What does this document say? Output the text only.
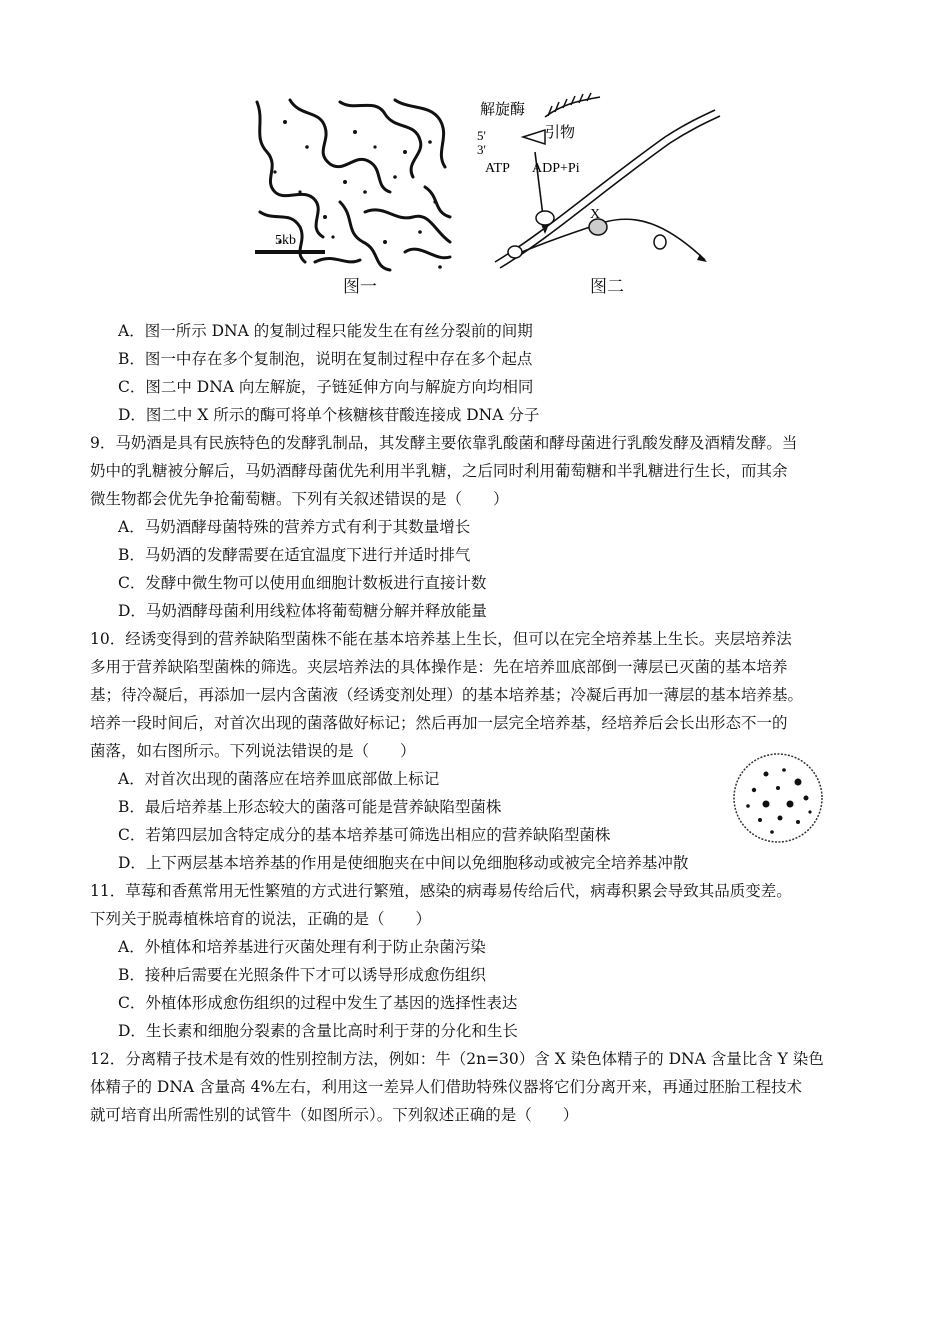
5kb
解旋酶
引物
5'
3'
ATP ADP+Pi
X
图一	图二
A．图一所示 DNA 的复制过程只能发生在有丝分裂前的间期
B．图一中存在多个复制泡，说明在复制过程中存在多个起点
C．图二中 DNA 向左解旋，子链延伸方向与解旋方向均相同
D．图二中 X 所示的酶可将单个核糖核苷酸连接成 DNA 分子
9．马奶酒是具有民族特色的发酵乳制品，其发酵主要依靠乳酸菌和酵母菌进行乳酸发酵及酒精发酵。当
奶中的乳糖被分解后，马奶酒酵母菌优先利用半乳糖，之后同时利用葡萄糖和半乳糖进行生长，而其余
微生物都会优先争抢葡萄糖。下列有关叙述错误的是（　　）
A．马奶酒酵母菌特殊的营养方式有利于其数量增长
B．马奶酒的发酵需要在适宜温度下进行并适时排气
C．发酵中微生物可以使用血细胞计数板进行直接计数
D．马奶酒酵母菌利用线粒体将葡萄糖分解并释放能量
10．经诱变得到的营养缺陷型菌株不能在基本培养基上生长，但可以在完全培养基上生长。夹层培养法
多用于营养缺陷型菌株的筛选。夹层培养法的具体操作是：先在培养皿底部倒一薄层已灭菌的基本培养
基；待冷凝后，再添加一层内含菌液（经诱变剂处理）的基本培养基；冷凝后再加一薄层的基本培养基。
培养一段时间后，对首次出现的菌落做好标记；然后再加一层完全培养基，经培养后会长出形态不一的
菌落，如右图所示。下列说法错误的是（　　）
A．对首次出现的菌落应在培养皿底部做上标记
B．最后培养基上形态较大的菌落可能是营养缺陷型菌株
C．若第四层加含特定成分的基本培养基可筛选出相应的营养缺陷型菌株
D．上下两层基本培养基的作用是使细胞夹在中间以免细胞移动或被完全培养基冲散
11．草莓和香蕉常用无性繁殖的方式进行繁殖，感染的病毒易传给后代，病毒积累会导致其品质变差。
下列关于脱毒植株培育的说法，正确的是（　　）
A．外植体和培养基进行灭菌处理有利于防止杂菌污染
B．接种后需要在光照条件下才可以诱导形成愈伤组织
C．外植体形成愈伤组织的过程中发生了基因的选择性表达
D．生长素和细胞分裂素的含量比高时利于芽的分化和生长
12．分离精子技术是有效的性别控制方法，例如：牛（2n=30）含 X 染色体精子的 DNA 含量比含 Y 染色
体精子的 DNA 含量高 4%左右，利用这一差异人们借助特殊仪器将它们分离开来，再通过胚胎工程技术
就可培育出所需性别的试管牛（如图所示）。下列叙述正确的是（　　）
